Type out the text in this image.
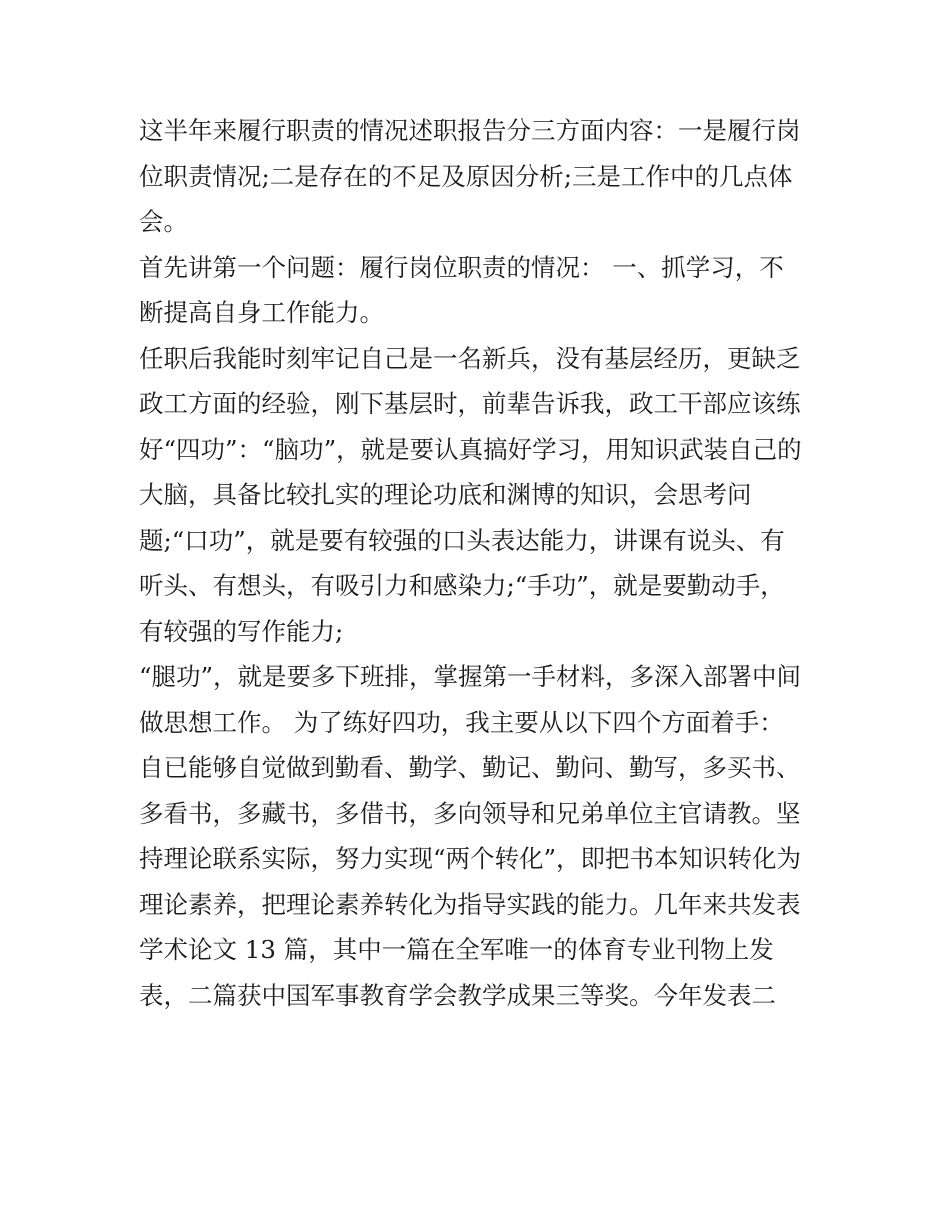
这半年来履行职责的情况述职报告分三方面内容：一是履行岗
位职责情况;二是存在的不足及原因分析;三是工作中的几点体
会。
首先讲第一个问题：履行岗位职责的情况： 一、抓学习，不
断提高自身工作能力。
任职后我能时刻牢记自己是一名新兵，没有基层经历，更缺乏
政工方面的经验，刚下基层时，前辈告诉我，政工干部应该练
好“四功”：“脑功”，就是要认真搞好学习，用知识武装自己的
大脑，具备比较扎实的理论功底和渊博的知识，会思考问
题;“口功”，就是要有较强的口头表达能力，讲课有说头、有
听头、有想头，有吸引力和感染力;“手功”，就是要勤动手，
有较强的写作能力;
“腿功”，就是要多下班排，掌握第一手材料，多深入部署中间
做思想工作。 为了练好四功，我主要从以下四个方面着手：
自已能够自觉做到勤看、勤学、勤记、勤问、勤写，多买书、
多看书，多藏书，多借书，多向领导和兄弟单位主官请教。坚
持理论联系实际，努力实现“两个转化”，即把书本知识转化为
理论素养，把理论素养转化为指导实践的能力。几年来共发表
学术论文 13 篇，其中一篇在全军唯一的体育专业刊物上发
表，二篇获中国军事教育学会教学成果三等奖。今年发表二
